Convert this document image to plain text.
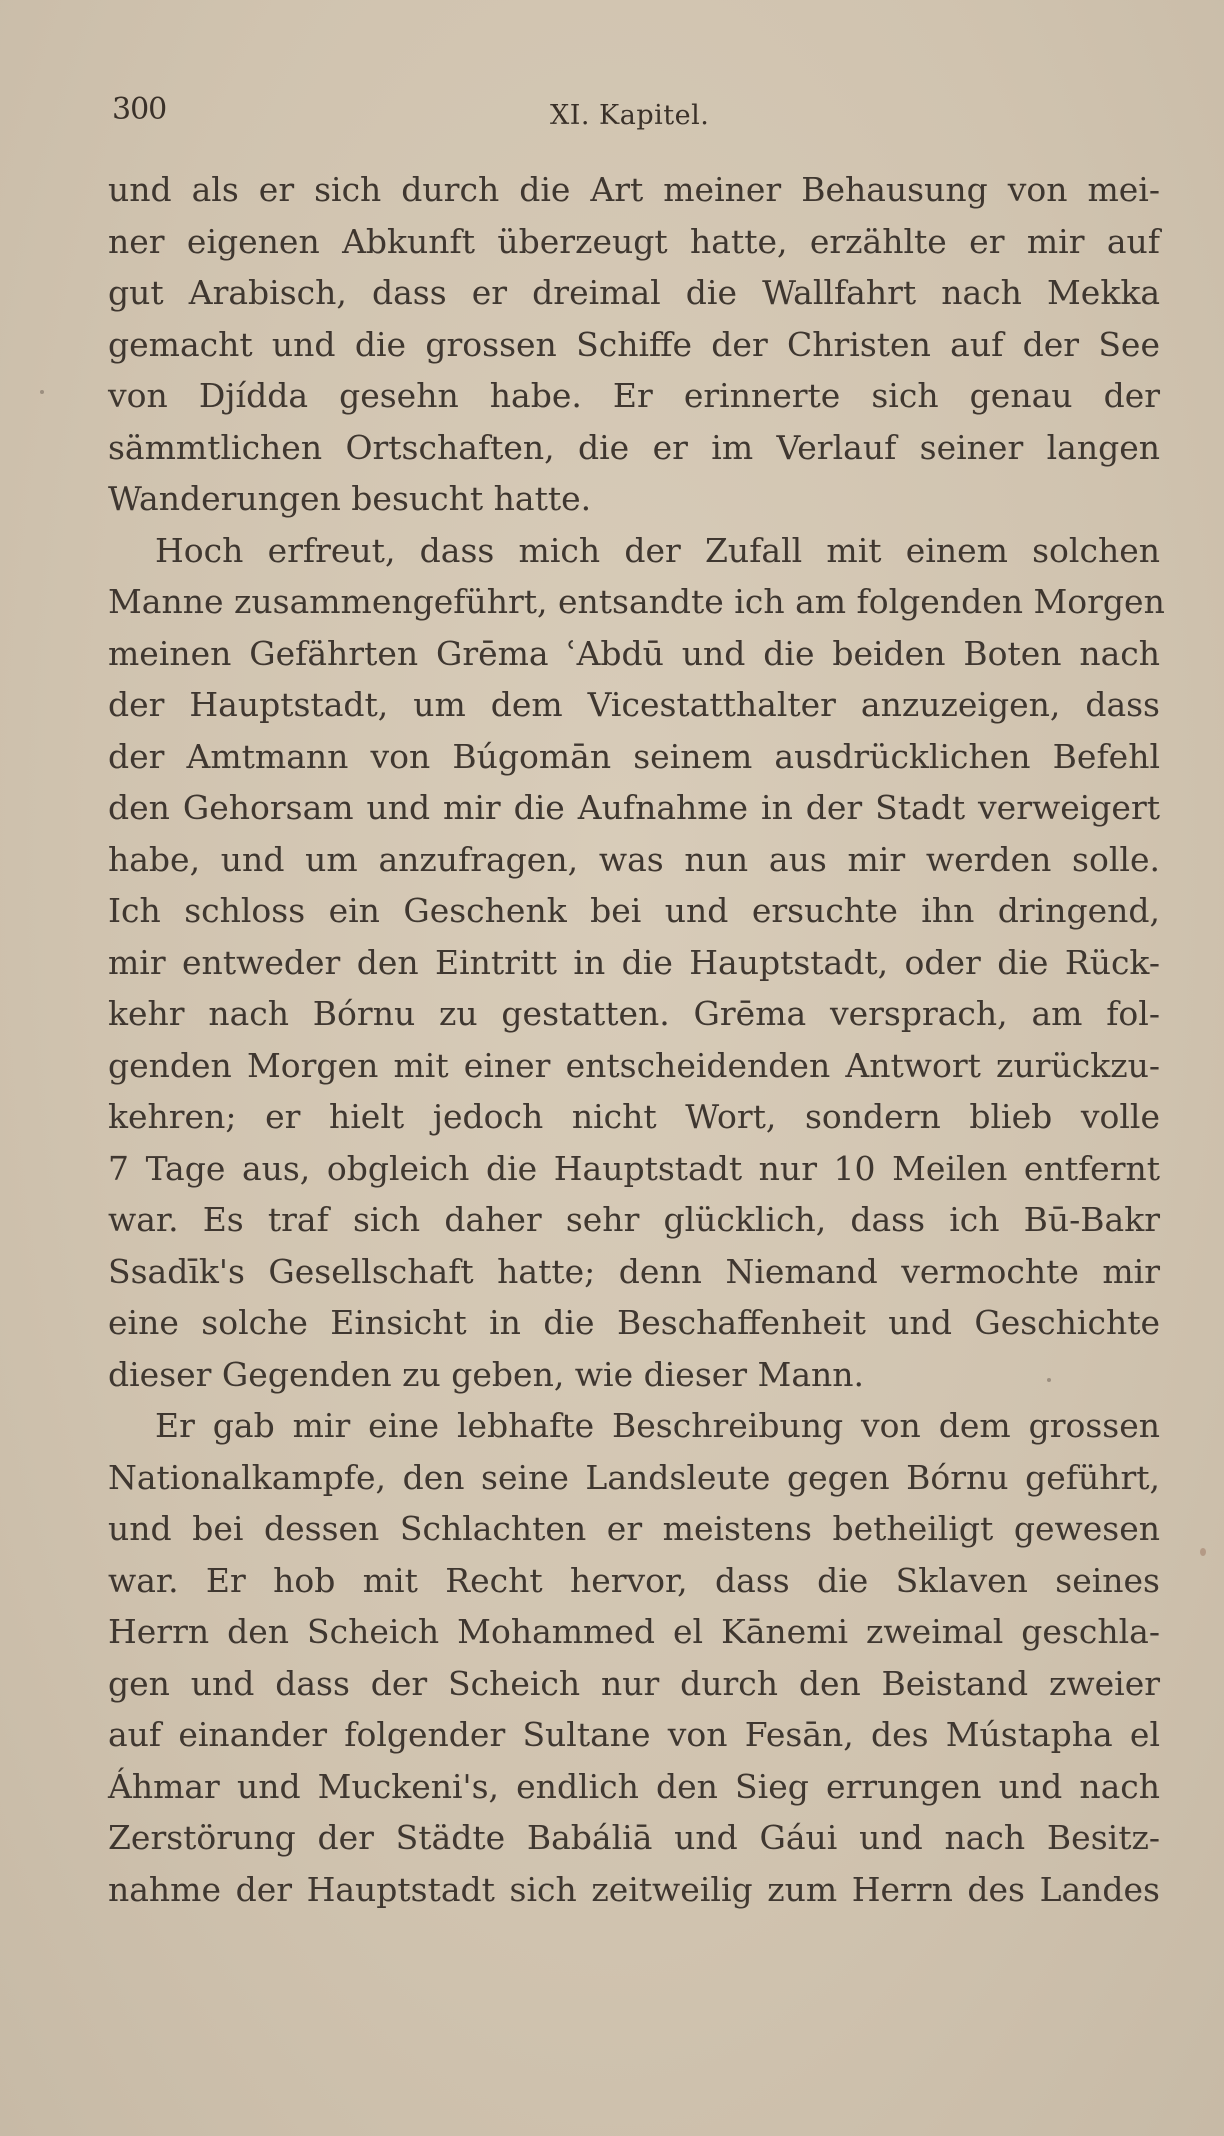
300	XI. Kapitel.
und als er sich durch die Art meiner Behausung von mei-
ner eigenen Abkunft überzeugt hatte, erzählte er mir auf
gut Arabisch, dass er dreimal die Wallfahrt nach Mekka
gemacht und die grossen Schiffe der Christen auf der See
von Djídda gesehn habe. Er erinnerte sich genau der
sämmtlichen Ortschaften, die er im Verlauf seiner langen
Wanderungen besucht hatte.
Hoch erfreut, dass mich der Zufall mit einem solchen
Manne zusammengeführt, entsandte ich am folgenden Morgen
meinen Gefährten Grēma ʿAbdū und die beiden Boten nach
der Hauptstadt, um dem Vicestatthalter anzuzeigen, dass
der Amtmann von Búgomān seinem ausdrücklichen Befehl
den Gehorsam und mir die Aufnahme in der Stadt verweigert
habe, und um anzufragen, was nun aus mir werden solle.
Ich schloss ein Geschenk bei und ersuchte ihn dringend,
mir entweder den Eintritt in die Hauptstadt, oder die Rück-
kehr nach Bórnu zu gestatten. Grēma versprach, am fol-
genden Morgen mit einer entscheidenden Antwort zurückzu-
kehren; er hielt jedoch nicht Wort, sondern blieb volle
7 Tage aus, obgleich die Hauptstadt nur 10 Meilen entfernt
war. Es traf sich daher sehr glücklich, dass ich Bū-Bakr
Ssadīk's Gesellschaft hatte; denn Niemand vermochte mir
eine solche Einsicht in die Beschaffenheit und Geschichte
dieser Gegenden zu geben, wie dieser Mann.
Er gab mir eine lebhafte Beschreibung von dem grossen
Nationalkampfe, den seine Landsleute gegen Bórnu geführt,
und bei dessen Schlachten er meistens betheiligt gewesen
war. Er hob mit Recht hervor, dass die Sklaven seines
Herrn den Scheich Mohammed el Kānemi zweimal geschla-
gen und dass der Scheich nur durch den Beistand zweier
auf einander folgender Sultane von Fesān, des Mústapha el
Áhmar und Muckeni's, endlich den Sieg errungen und nach
Zerstörung der Städte Babáliā und Gáui und nach Besitz-
nahme der Hauptstadt sich zeitweilig zum Herrn des Landes
